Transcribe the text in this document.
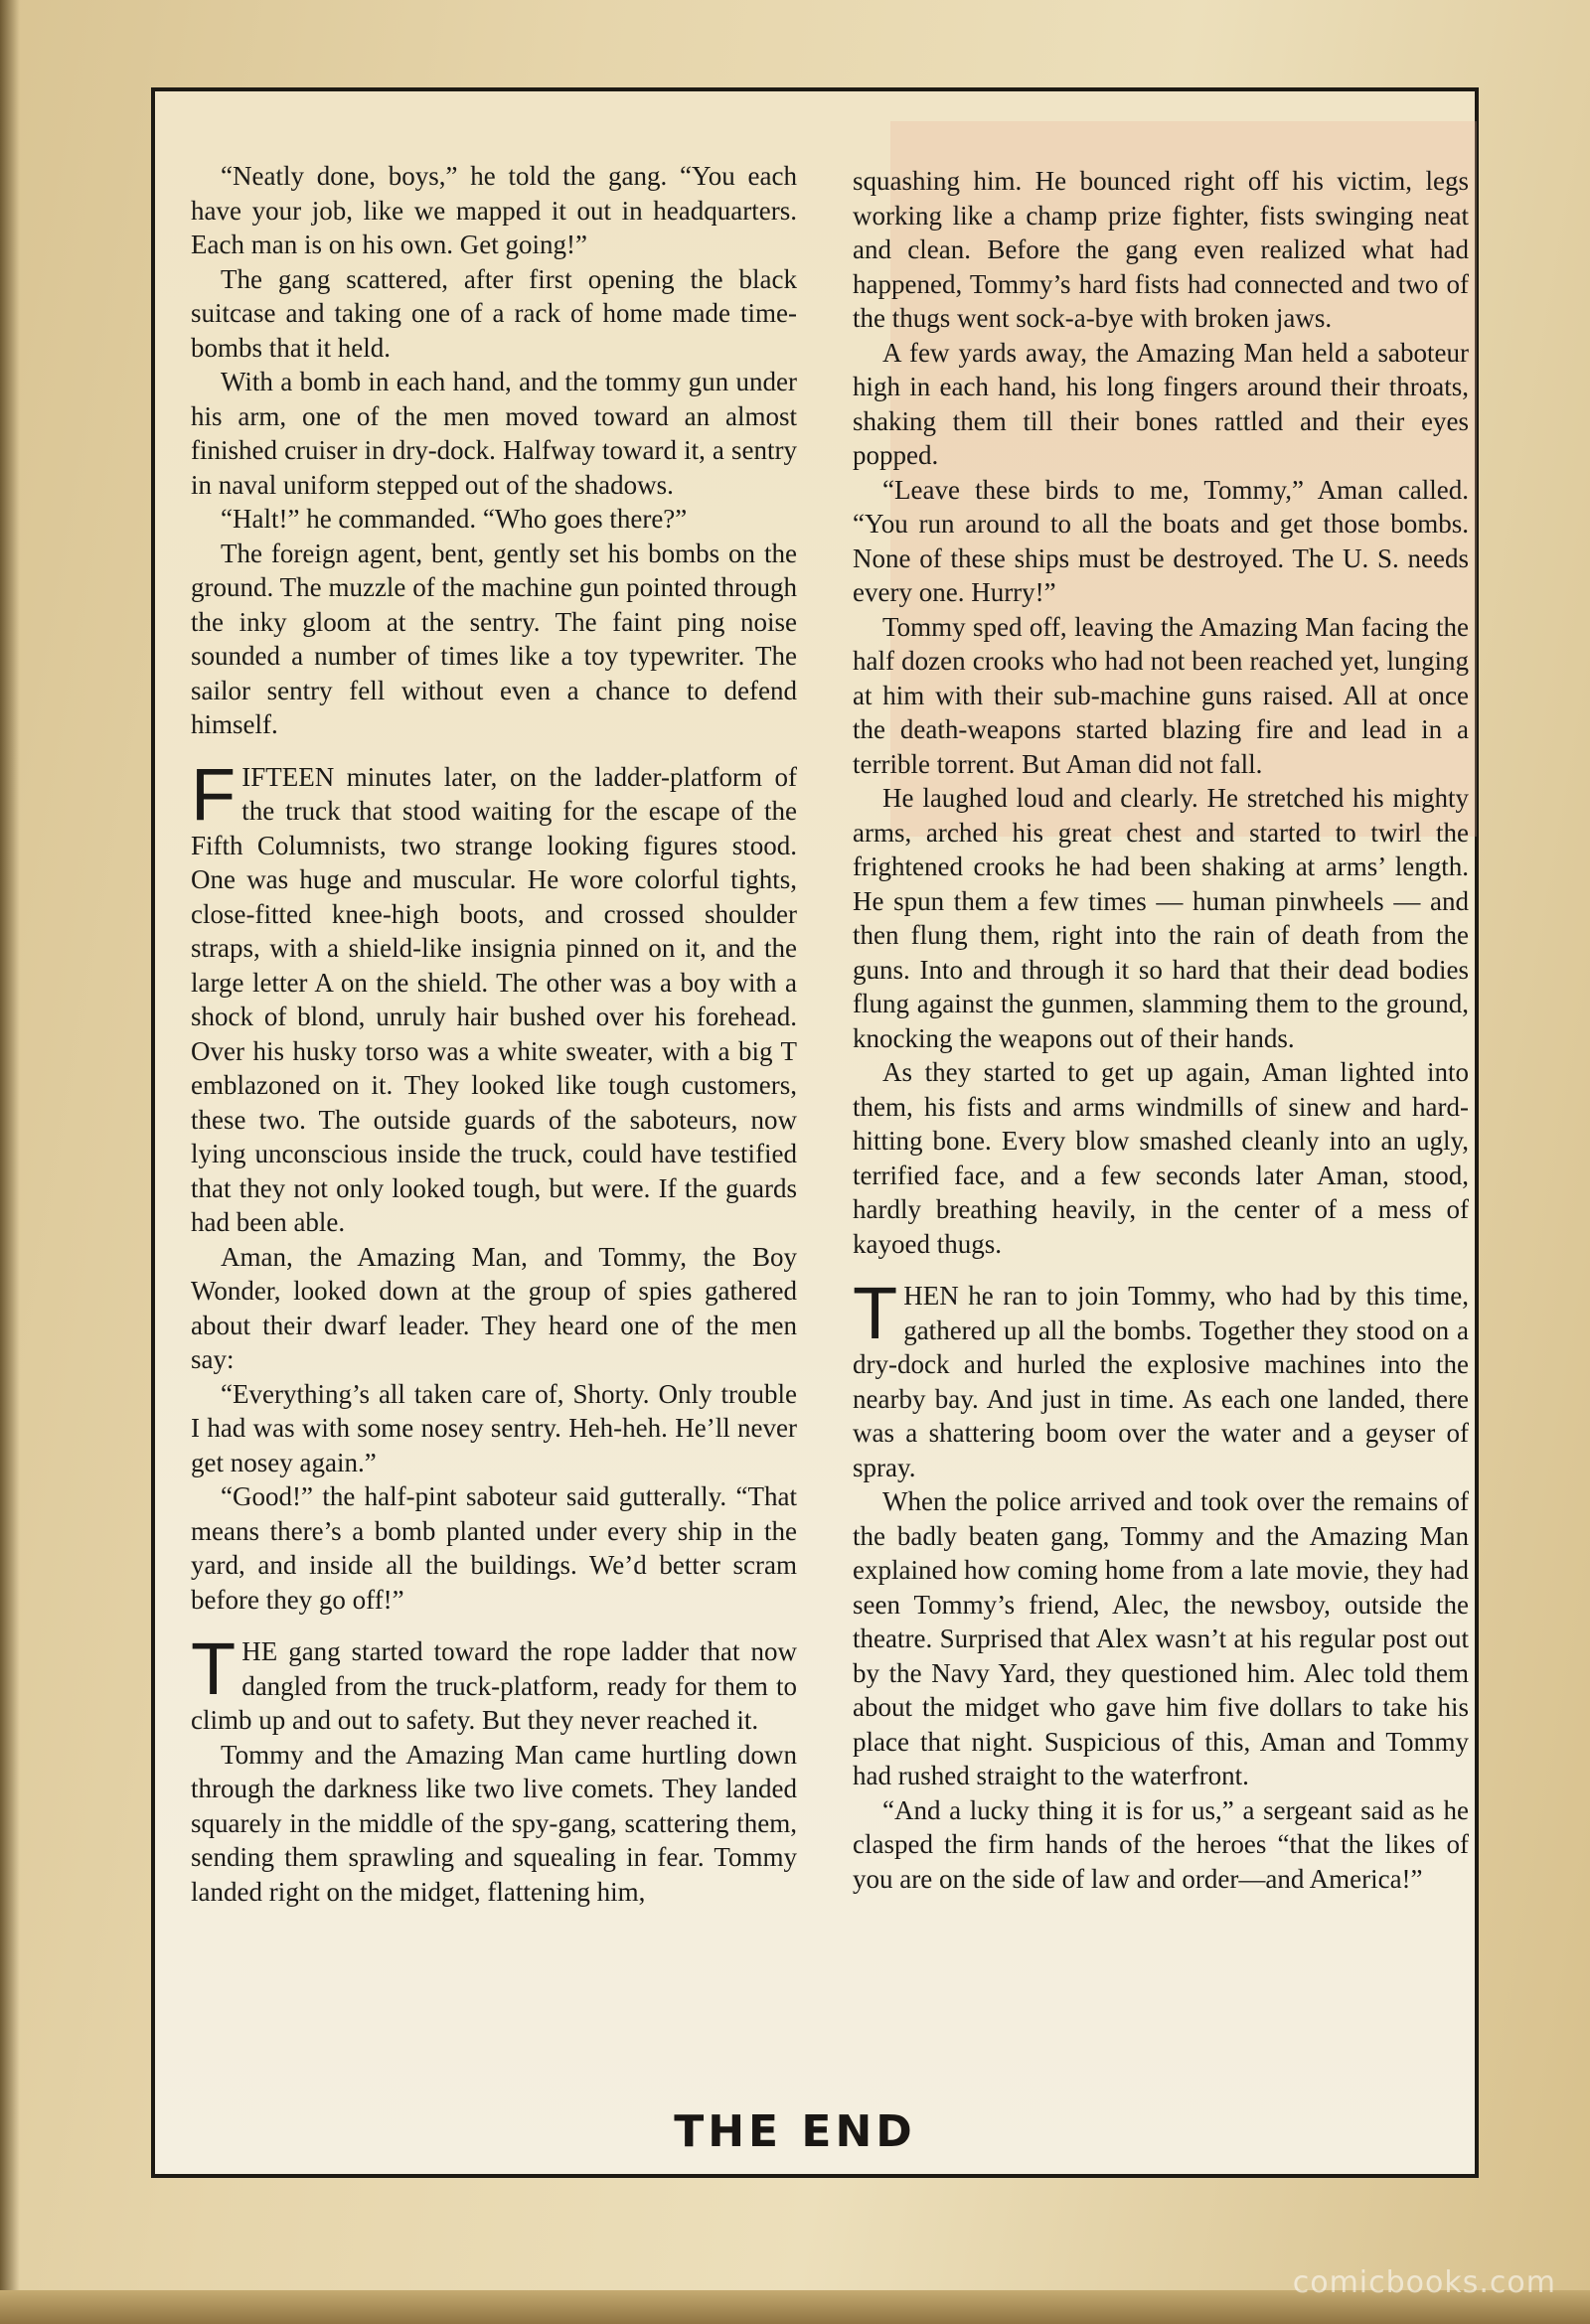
“Neatly done, boys,” he told the gang. “You each have your job, like we mapped it out in headquarters. Each man is on his own. Get going!”

The gang scattered, after first opening the black suitcase and taking one of a rack of home made time-bombs that it held.

With a bomb in each hand, and the tommy gun under his arm, one of the men moved toward an almost finished cruiser in dry-dock. Halfway toward it, a sentry in naval uniform stepped out of the shadows.

“Halt!” he commanded. “Who goes there?”

The foreign agent, bent, gently set his bombs on the ground. The muzzle of the machine gun pointed through the inky gloom at the sentry. The faint ping noise sounded a number of times like a toy typewriter. The sailor sentry fell without even a chance to defend himself.

FIFTEEN minutes later, on the ladder-platform of the truck that stood waiting for the escape of the Fifth Columnists, two strange looking figures stood. One was huge and muscular. He wore colorful tights, close-fitted knee-high boots, and crossed shoulder straps, with a shield-like insignia pinned on it, and the large letter A on the shield. The other was a boy with a shock of blond, unruly hair bushed over his forehead. Over his husky torso was a white sweater, with a big T emblazoned on it. They looked like tough customers, these two. The outside guards of the saboteurs, now lying unconscious inside the truck, could have testified that they not only looked tough, but were. If the guards had been able.

Aman, the Amazing Man, and Tommy, the Boy Wonder, looked down at the group of spies gathered about their dwarf leader. They heard one of the men say:

“Everything’s all taken care of, Shorty. Only trouble I had was with some nosey sentry. Heh-heh. He’ll never get nosey again.”

“Good!” the half-pint saboteur said gutterally. “That means there’s a bomb planted under every ship in the yard, and inside all the buildings. We’d better scram before they go off!”

THE gang started toward the rope ladder that now dangled from the truck-platform, ready for them to climb up and out to safety. But they never reached it.

Tommy and the Amazing Man came hurtling down through the darkness like two live comets. They landed squarely in the middle of the spy-gang, scattering them, sending them sprawling and squealing in fear. Tommy landed right on the midget, flattening him,

squashing him. He bounced right off his victim, legs working like a champ prize fighter, fists swinging neat and clean. Before the gang even realized what had happened, Tommy’s hard fists had connected and two of the thugs went sock-a-bye with broken jaws.

A few yards away, the Amazing Man held a saboteur high in each hand, his long fingers around their throats, shaking them till their bones rattled and their eyes popped.

“Leave these birds to me, Tommy,” Aman called. “You run around to all the boats and get those bombs. None of these ships must be destroyed. The U. S. needs every one. Hurry!”

Tommy sped off, leaving the Amazing Man facing the half dozen crooks who had not been reached yet, lunging at him with their sub-machine guns raised. All at once the death-weapons started blazing fire and lead in a terrible torrent. But Aman did not fall.

He laughed loud and clearly. He stretched his mighty arms, arched his great chest and started to twirl the frightened crooks he had been shaking at arms’ length. He spun them a few times — human pinwheels — and then flung them, right into the rain of death from the guns. Into and through it so hard that their dead bodies flung against the gunmen, slamming them to the ground, knocking the weapons out of their hands.

As they started to get up again, Aman lighted into them, his fists and arms windmills of sinew and hard-hitting bone. Every blow smashed cleanly into an ugly, terrified face, and a few seconds later Aman, stood, hardly breathing heavily, in the center of a mess of kayoed thugs.

THEN he ran to join Tommy, who had by this time, gathered up all the bombs. Together they stood on a dry-dock and hurled the explosive machines into the nearby bay. And just in time. As each one landed, there was a shattering boom over the water and a geyser of spray.

When the police arrived and took over the remains of the badly beaten gang, Tommy and the Amazing Man explained how coming home from a late movie, they had seen Tommy’s friend, Alec, the newsboy, outside the theatre. Surprised that Alex wasn’t at his regular post out by the Navy Yard, they questioned him. Alec told them about the midget who gave him five dollars to take his place that night. Suspicious of this, Aman and Tommy had rushed straight to the waterfront.

“And a lucky thing it is for us,” a sergeant said as he clasped the firm hands of the heroes “that the likes of you are on the side of law and order—and America!”

THE END
comicbooks.com
